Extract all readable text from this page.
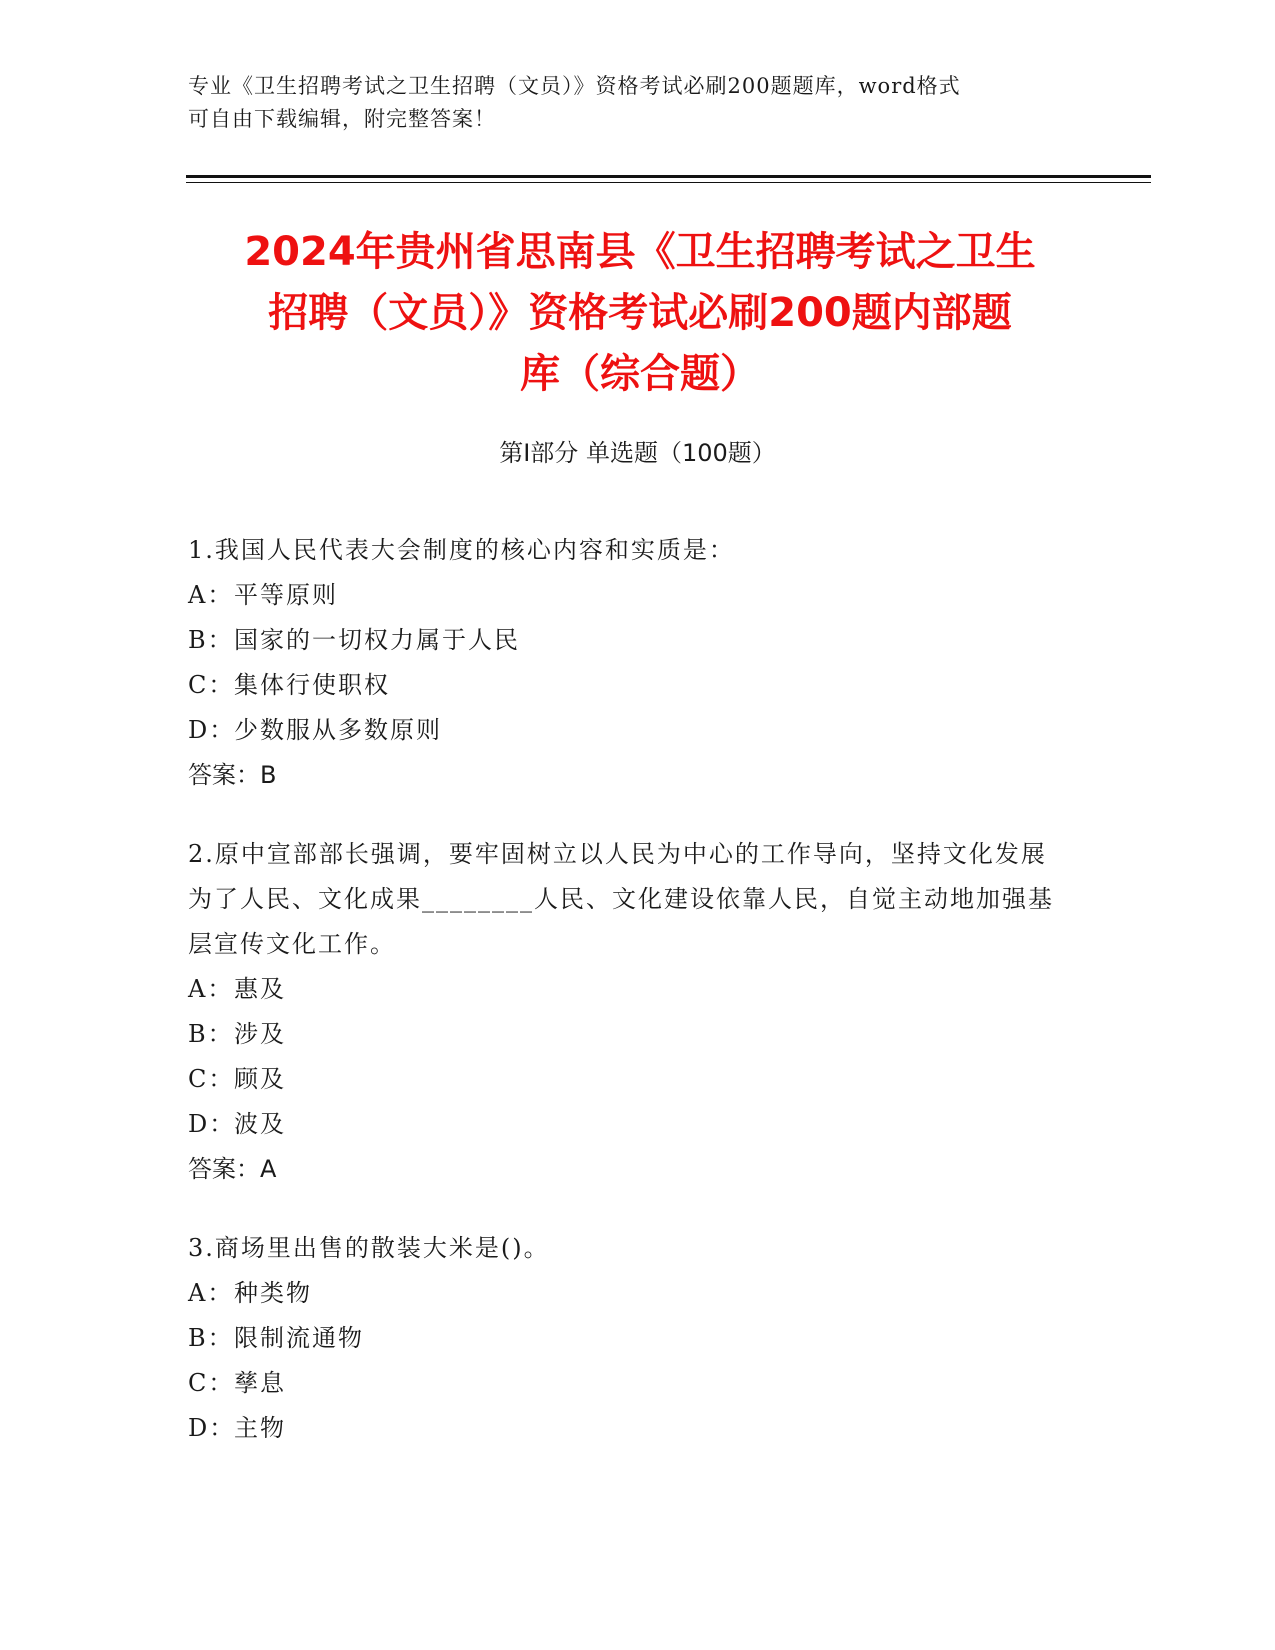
专业《卫生招聘考试之卫生招聘（文员）》资格考试必刷200题题库，word格式
可自由下载编辑，附完整答案！
2024年贵州省思南县《卫生招聘考试之卫生
招聘（文员）》资格考试必刷200题内部题
库（综合题）
第Ⅰ部分 单选题（100题）
1.我国人民代表大会制度的核心内容和实质是：
A：平等原则
B：国家的一切权力属于人民
C：集体行使职权
D：少数服从多数原则
答案：B
2.原中宣部部长强调，要牢固树立以人民为中心的工作导向，坚持文化发展为了人民、文化成果________人民、文化建设依靠人民，自觉主动地加强基层宣传文化工作。
A：惠及
B：涉及
C：顾及
D：波及
答案：A
3.商场里出售的散装大米是()。
A：种类物
B：限制流通物
C：孳息
D：主物
